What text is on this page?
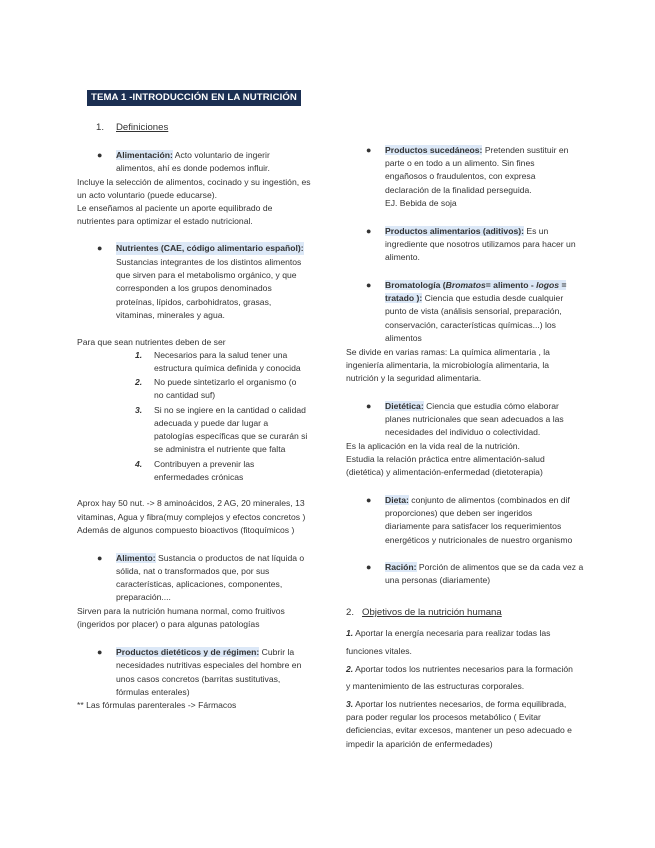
TEMA 1 -INTRODUCCIÓN EN LA NUTRICIÓN
1. Definiciones
● Alimentación: Acto voluntario de ingerir
alimentos, ahí es donde podemos influir.
Incluye la selección de alimentos, cocinado y su ingestión, es
un acto voluntario (puede educarse).
Le enseñamos al paciente un aporte equilibrado de
nutrientes para optimizar el estado nutricional.
● Nutrientes (CAE, código alimentario español):
Sustancias integrantes de los distintos alimentos
que sirven para el metabolismo orgánico, y que
corresponden a los grupos denominados
proteínas, lípidos, carbohidratos, grasas,
vitaminas, minerales y agua.
Para que sean nutrientes deben de ser
1. Necesarios para la salud tener una
estructura química definida y conocida
2. No puede sintetizarlo el organismo (o
no cantidad suf)
3. Si no se ingiere en la cantidad o calidad
adecuada y puede dar lugar a
patologías específicas que se curarán si
se administra el nutriente que falta
4. Contribuyen a prevenir las
enfermedades crónicas
Aprox hay 50 nut. -> 8 aminoácidos, 2 AG, 20 minerales, 13
vitaminas, Agua y fibra(muy complejos y efectos concretos )
Además de algunos compuesto bioactivos (fitoquímicos )
● Alimento: Sustancia o productos de nat líquida o
sólida, nat o transformados que, por sus
características, aplicaciones, componentes,
preparación....
Sirven para la nutrición humana normal, como fruitivos
(ingeridos por placer) o para algunas patologías
● Productos dietéticos y de régimen: Cubrir la
necesidades nutritivas especiales del hombre en
unos casos concretos (barritas sustitutivas,
fórmulas enterales)
** Las fórmulas parenterales -> Fármacos
● Productos sucedáneos: Pretenden sustituir en
parte o en todo a un alimento. Sin fines
engañosos o fraudulentos, con expresa
declaración de la finalidad perseguida.
EJ. Bebida de soja
● Productos alimentarios (aditivos): Es un
ingrediente que nosotros utilizamos para hacer un
alimento.
● Bromatología (Bromatos= alimento - logos =
tratado ): Ciencia que estudia desde cualquier
punto de vista (análisis sensorial, preparación,
conservación, características químicas...) los
alimentos
Se divide en varias ramas: La química alimentaria , la
ingeniería alimentaria, la microbiología alimentaria, la
nutrición y la seguridad alimentaria.
● Dietética: Ciencia que estudia cómo elaborar
planes nutricionales que sean adecuados a las
necesidades del individuo o colectividad.
Es la aplicación en la vida real de la nutrición.
Estudia la relación práctica entre alimentación-salud
(dietética) y alimentación-enfermedad (dietoterapia)
● Dieta: conjunto de alimentos (combinados en dif
proporciones) que deben ser ingeridos
diariamente para satisfacer los requerimientos
energéticos y nutricionales de nuestro organismo
● Ración: Porción de alimentos que se da cada vez a
una personas (diariamente)
2. Objetivos de la nutrición humana
1. Aportar la energía necesaria para realizar todas las
funciones vitales.
2. Aportar todos los nutrientes necesarios para la formación
y mantenimiento de las estructuras corporales.
3. Aportar los nutrientes necesarios, de forma equilibrada,
para poder regular los procesos metabólico ( Evitar
deficiencias, evitar excesos, mantener un peso adecuado e
impedir la aparición de enfermedades)
